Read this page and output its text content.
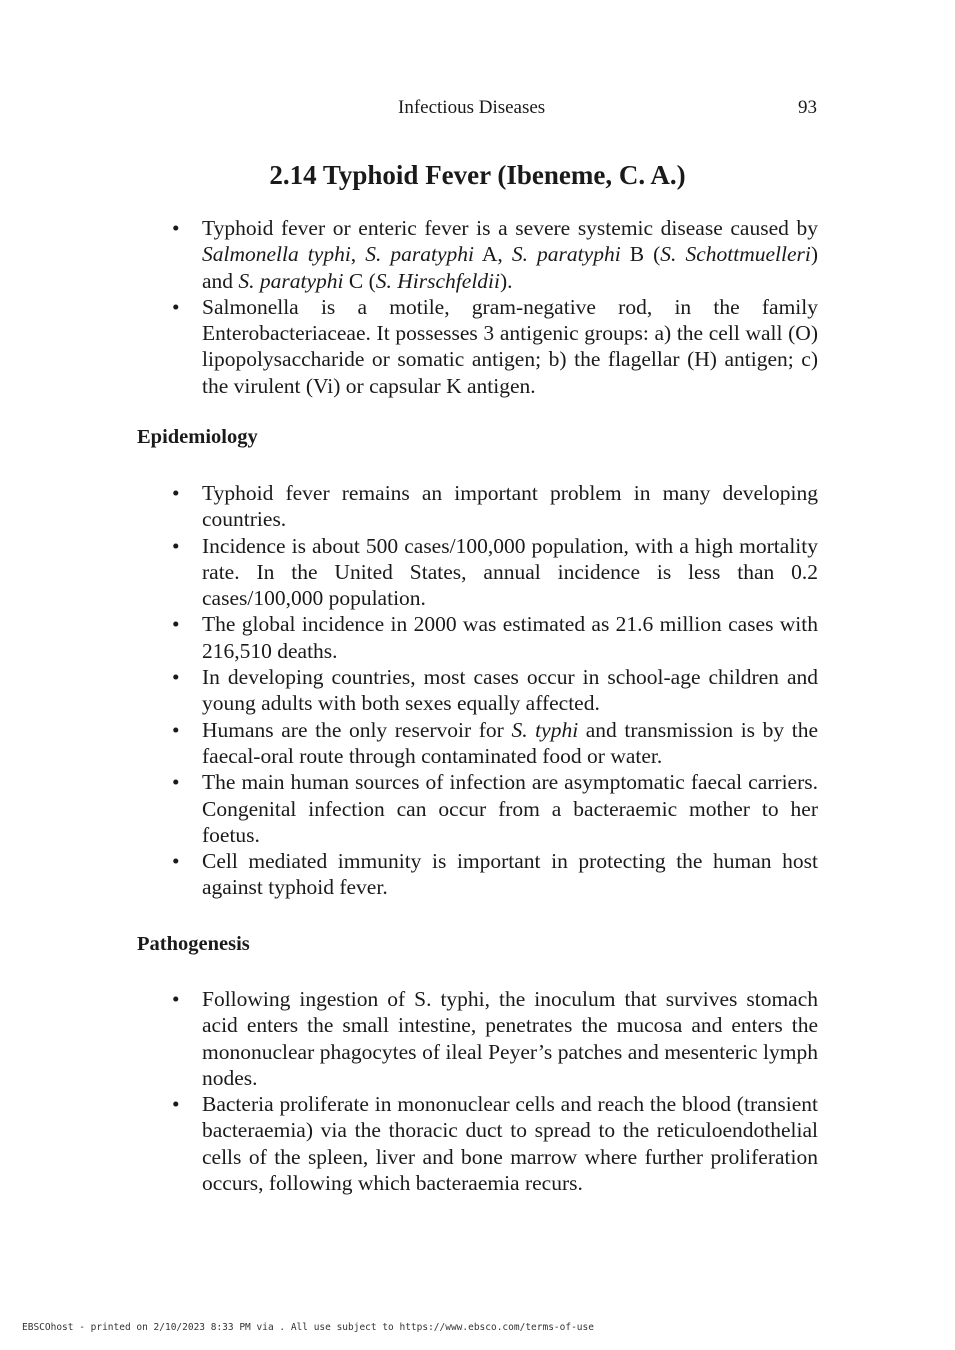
Infectious Diseases	93
2.14 Typhoid Fever (Ibeneme, C. A.)
• Typhoid fever or enteric fever is a severe systemic disease caused by Salmonella typhi, S. paratyphi A, S. paratyphi B (S. Schottmuelleri) and S. paratyphi C (S. Hirschfeldii).
• Salmonella is a motile, gram-negative rod, in the family Enterobacteriaceae. It possesses 3 antigenic groups: a) the cell wall (O) lipopolysaccharide or somatic antigen; b) the flagellar (H) antigen; c) the virulent (Vi) or capsular K antigen.
Epidemiology
• Typhoid fever remains an important problem in many developing countries.
• Incidence is about 500 cases/100,000 population, with a high mortality rate. In the United States, annual incidence is less than 0.2 cases/100,000 population.
• The global incidence in 2000 was estimated as 21.6 million cases with 216,510 deaths.
• In developing countries, most cases occur in school-age children and young adults with both sexes equally affected.
• Humans are the only reservoir for S. typhi and transmission is by the faecal-oral route through contaminated food or water.
• The main human sources of infection are asymptomatic faecal carriers. Congenital infection can occur from a bacteraemic mother to her foetus.
• Cell mediated immunity is important in protecting the human host against typhoid fever.
Pathogenesis
• Following ingestion of S. typhi, the inoculum that survives stomach acid enters the small intestine, penetrates the mucosa and enters the mononuclear phagocytes of ileal Peyer’s patches and mesenteric lymph nodes.
• Bacteria proliferate in mononuclear cells and reach the blood (transient bacteraemia) via the thoracic duct to spread to the reticuloendothelial cells of the spleen, liver and bone marrow where further proliferation occurs, following which bacteraemia recurs.
EBSCOhost - printed on 2/10/2023 8:33 PM via . All use subject to https://www.ebsco.com/terms-of-use
